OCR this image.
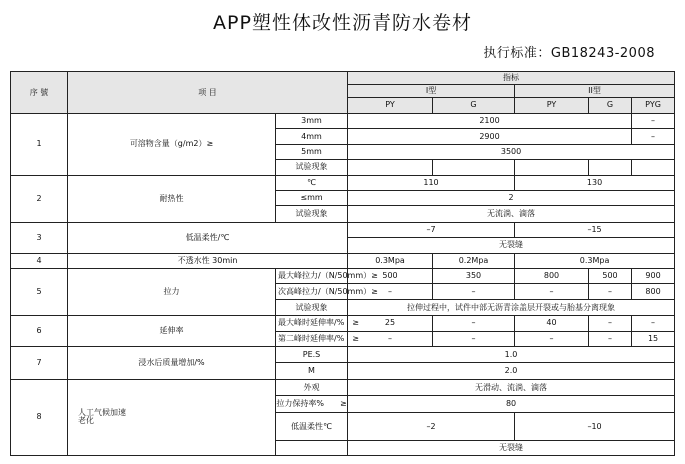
APP塑性体改性沥青防水卷材
执行标准：GB18243-2008
序 號	项 目		指标				
			I型		II型		
			PY	G	PY	G	PYG
1	可溶物含量（g/m2）≥	3mm	2100				–
		4mm	2900				–
		5mm	3500				
		试验现象					
2	耐热性	℃	110		130		
		≤mm	2				
		试验现象	无流淌、滴落				
3	低温柔性/℃		–7		–15		
			无裂缝				
4	不透水性 30min		0.3Mpa	0.2Mpa	0.3Mpa		
5	拉力	最大峰拉力/（N/50mm）≥	500	350	800	500	900
		次高峰拉力/（N/50mm）≥	–	–	–	–	800
		试验现象	拉伸过程中，试件中部无沥青涂盖层开裂或与胎基分离现象				
6	延伸率	最大峰时延伸率/%　≥	25	–	40	–	–
		第二峰时延伸率/%　≥	–	–	–	–	15
7	浸水后质量增加/%	PE.S	1.0				
		M	2.0				
8	人工气候加速老化	外观	无滑动、流淌、滴落				
		拉力保持率%　　≥	80				
		低温柔性℃	–2		–10		

			无裂缝				
